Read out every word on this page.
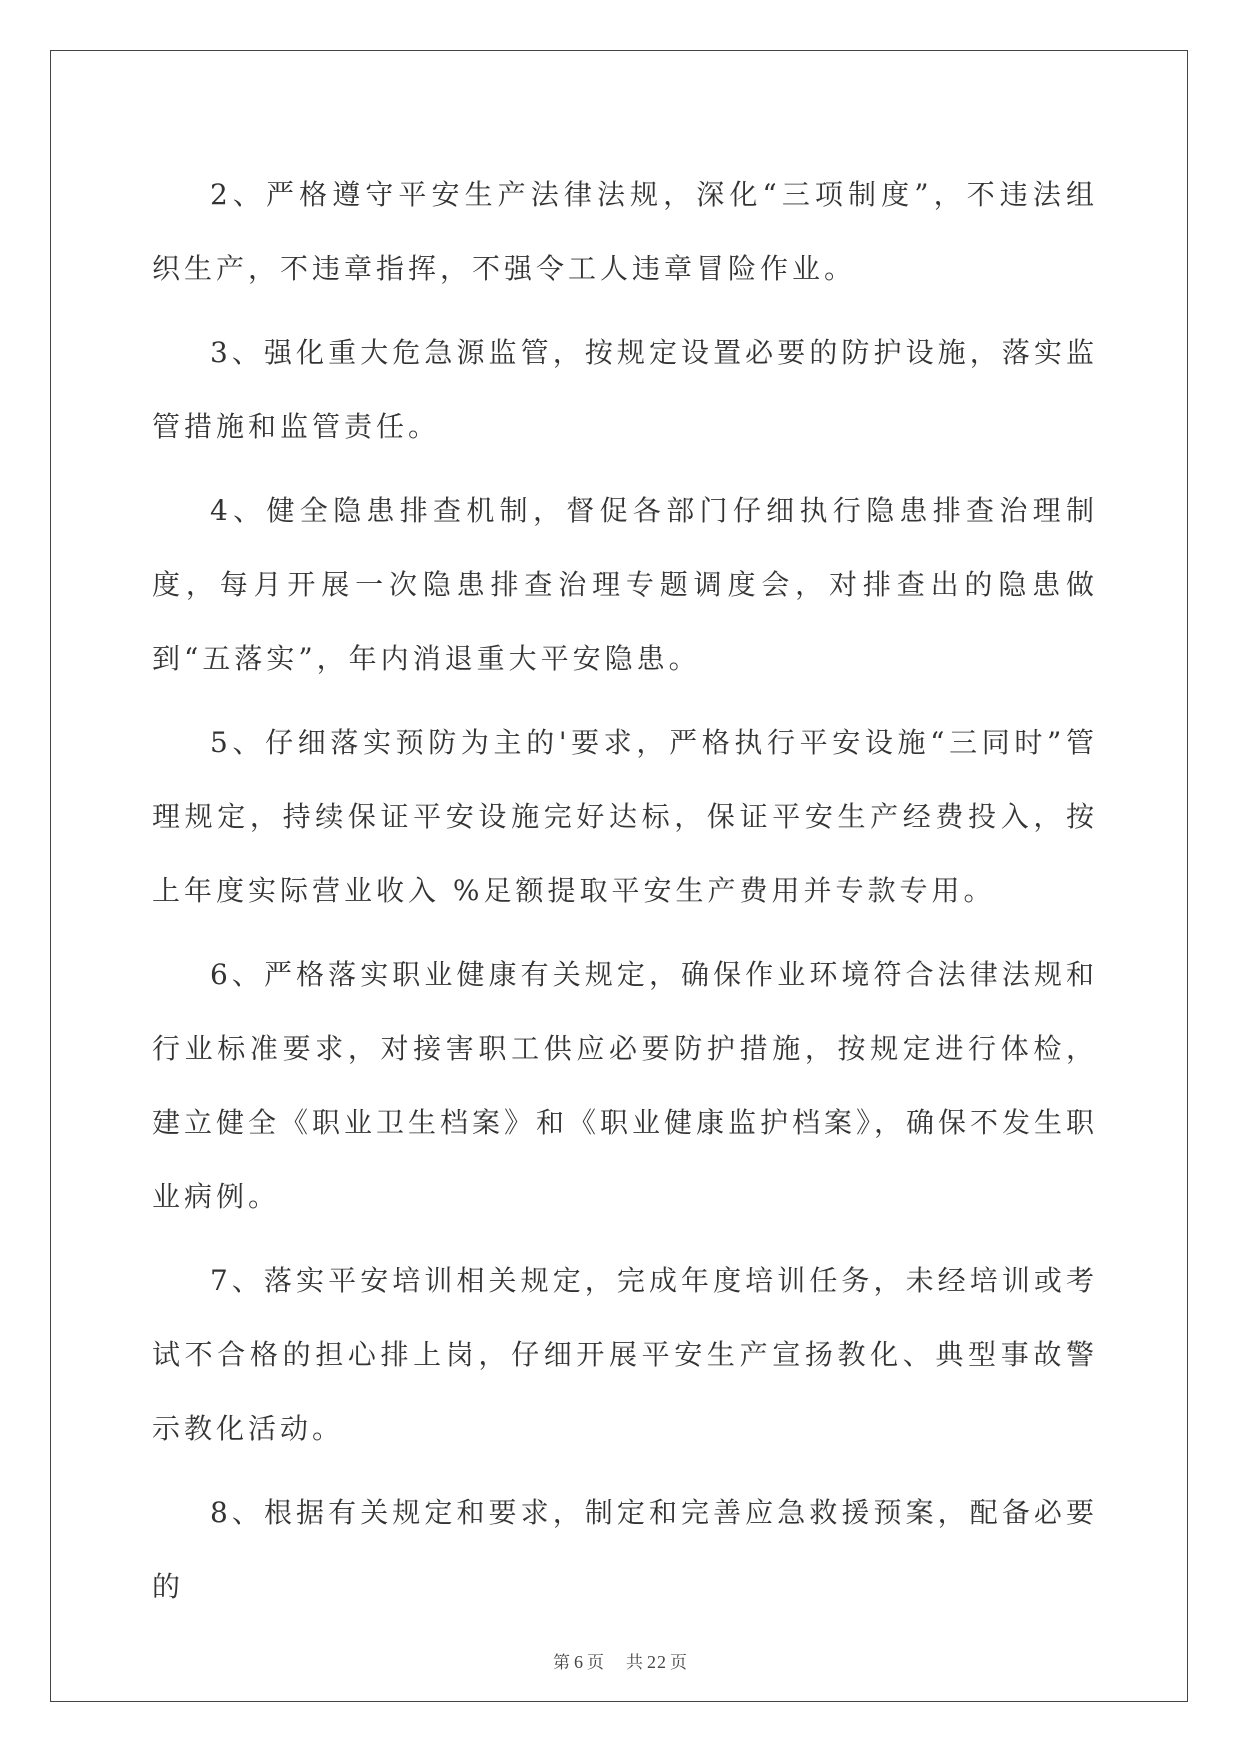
2、严格遵守平安生产法律法规，深化“三项制度”，不违法组织生产，不违章指挥，不强令工人违章冒险作业。

3、强化重大危急源监管，按规定设置必要的防护设施，落实监管措施和监管责任。

4、健全隐患排查机制，督促各部门仔细执行隐患排查治理制度，每月开展一次隐患排查治理专题调度会，对排查出的隐患做到“五落实”，年内消退重大平安隐患。

5、仔细落实预防为主的'要求，严格执行平安设施“三同时”管理规定，持续保证平安设施完好达标，保证平安生产经费投入，按上年度实际营业收入 %足额提取平安生产费用并专款专用。

6、严格落实职业健康有关规定，确保作业环境符合法律法规和行业标准要求，对接害职工供应必要防护措施，按规定进行体检，建立健全《职业卫生档案》和《职业健康监护档案》，确保不发生职业病例。

7、落实平安培训相关规定，完成年度培训任务，未经培训或考试不合格的担心排上岗，仔细开展平安生产宣扬教化、典型事故警示教化活动。

8、根据有关规定和要求，制定和完善应急救援预案，配备必要的

第 6 页 共 22 页
